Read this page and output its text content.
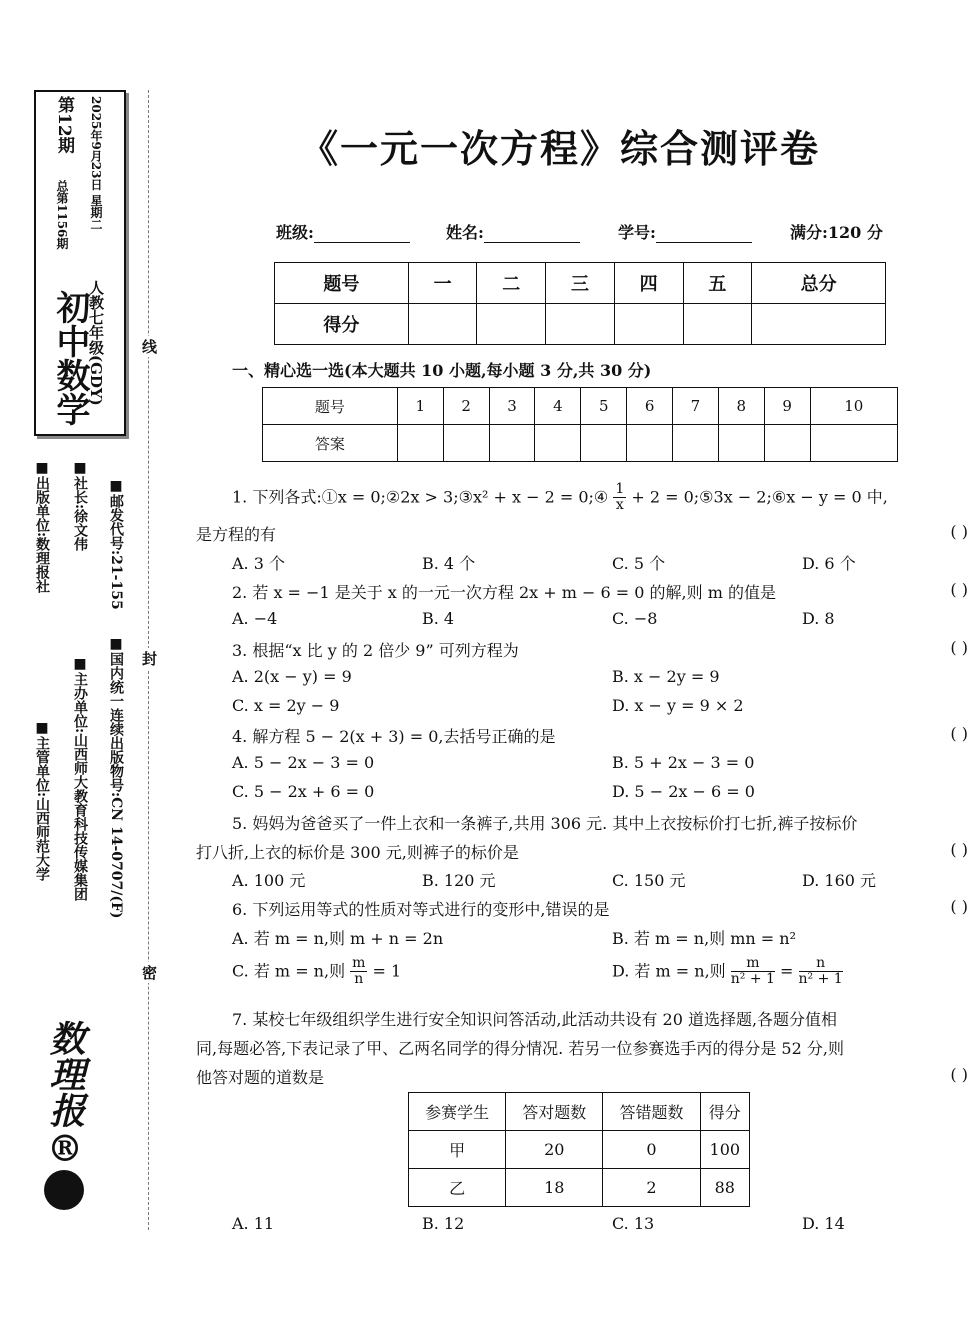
初中数学
人教七年级(GDY)
第12期
总第1156期 2025年9月23日 星期二
■出版单位:数理报社 ■社长:徐文伟 ■邮发代号:21-155
■主管单位:山西师范大学 ■主办单位:山西师大教育科技传媒集团 ■国内统一连续出版物号:CN 14-0707/(F)
数理报®
线
封
密
《一元一次方程》综合测评卷
班级:	姓名:	学号:	满分:120 分
题号	一	二	三	四	五	总分
得分						
一、精心选一选(本大题共 10 小题,每小题 3 分,共 30 分)
题号	1	2	3	4	5	6	7	8	9	10
答案										
1. 下列各式:①x = 0;②2x > 3;③x² + x − 2 = 0;④ $\frac{1}{x} + 2$ = 0;⑤3x − 2;⑥x − y = 0 中,
是方程的有	( )
A. 3 个	B. 4 个	C. 5 个	D. 6 个
2. 若 x = −1 是关于 x 的一元一次方程 2x + m − 6 = 0 的解,则 m 的值是	( )
A. −4	B. 4	C. −8	D. 8
3. 根据“x 比 y 的 2 倍少 9” 可列方程为	( )
A. 2(x − y) = 9	B. x − 2y = 9
C. x = 2y − 9	D. x − y = 9 × 2
4. 解方程 5 − 2(x + 3) = 0,去括号正确的是	( )
A. 5 − 2x − 3 = 0	B. 5 + 2x − 3 = 0
C. 5 − 2x + 6 = 0	D. 5 − 2x − 6 = 0
5. 妈妈为爸爸买了一件上衣和一条裤子,共用 306 元. 其中上衣按标价打七折,裤子按标价
打八折,上衣的标价是 300 元,则裤子的标价是	( )
A. 100 元	B. 120 元	C. 150 元	D. 160 元
6. 下列运用等式的性质对等式进行的变形中,错误的是	( )
A. 若 m = n,则 m + n = 2n	B. 若 m = n,则 mn = n²
C. 若 m = n,则 $\frac{m}{n} = 1$	D. 若 m = n,则 $\frac{m}{\text{n² + 1}} = \frac{n}{\text{n² + 1}}$
7. 某校七年级组织学生进行安全知识问答活动,此活动共设有 20 道选择题,各题分值相
同,每题必答,下表记录了甲、乙两名同学的得分情况. 若另一位参赛选手丙的得分是 52 分,则
他答对题的道数是	( )
参赛学生	答对题数	答错题数	得分
甲	20	0	100
乙	18	2	88
A. 11	B. 12	C. 13	D. 14
